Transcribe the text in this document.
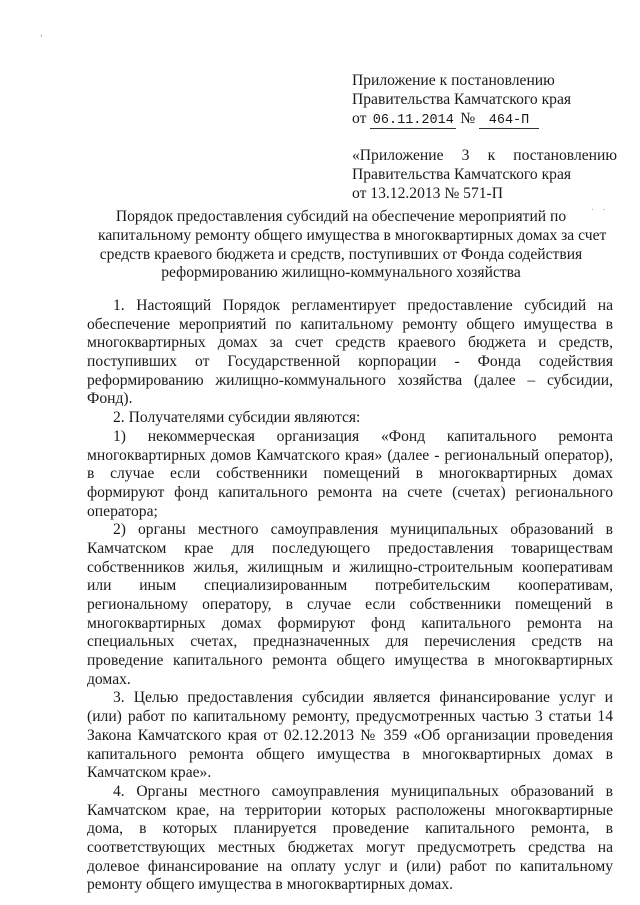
'
. .
Приложение к постановлению
Правительства Камчатского края
от 06.11.2014 № 464-П
«Приложение 3 к постановлению
Правительства Камчатского края
от 13.12.2013 № 571-П
Порядок предоставления субсидий на обеспечение мероприятий по
капитальному ремонту общего имущества в многоквартирных домах за счет
средств краевого бюджета и средств, поступивших от Фонда содействия
реформированию жилищно-коммунального хозяйства
1. Настоящий Порядок регламентирует предоставление субсидий на
обеспечение мероприятий по капитальному ремонту общего имущества в
многоквартирных домах за счет средств краевого бюджета и средств,
поступивших от Государственной корпорации - Фонда содействия
реформированию жилищно-коммунального хозяйства (далее – субсидии,
Фонд).
2. Получателями субсидии являются:
1) некоммерческая организация «Фонд капитального ремонта
многоквартирных домов Камчатского края» (далее - региональный оператор),
в случае если собственники помещений в многоквартирных домах
формируют фонд капитального ремонта на счете (счетах) регионального
оператора;
2) органы местного самоуправления муниципальных образований в
Камчатском крае для последующего предоставления товариществам
собственников жилья, жилищным и жилищно-строительным кооперативам
или иным специализированным потребительским кооперативам,
региональному оператору, в случае если собственники помещений в
многоквартирных домах формируют фонд капитального ремонта на
специальных счетах, предназначенных для перечисления средств на
проведение капитального ремонта общего имущества в многоквартирных
домах.
3. Целью предоставления субсидии является финансирование услуг и
(или) работ по капитальному ремонту, предусмотренных частью 3 статьи 14
Закона Камчатского края от 02.12.2013 № 359 «Об организации проведения
капитального ремонта общего имущества в многоквартирных домах в
Камчатском крае».
4. Органы местного самоуправления муниципальных образований в
Камчатском крае, на территории которых расположены многоквартирные
дома, в которых планируется проведение капитального ремонта, в
соответствующих местных бюджетах могут предусмотреть средства на
долевое финансирование на оплату услуг и (или) работ по капитальному
ремонту общего имущества в многоквартирных домах.
